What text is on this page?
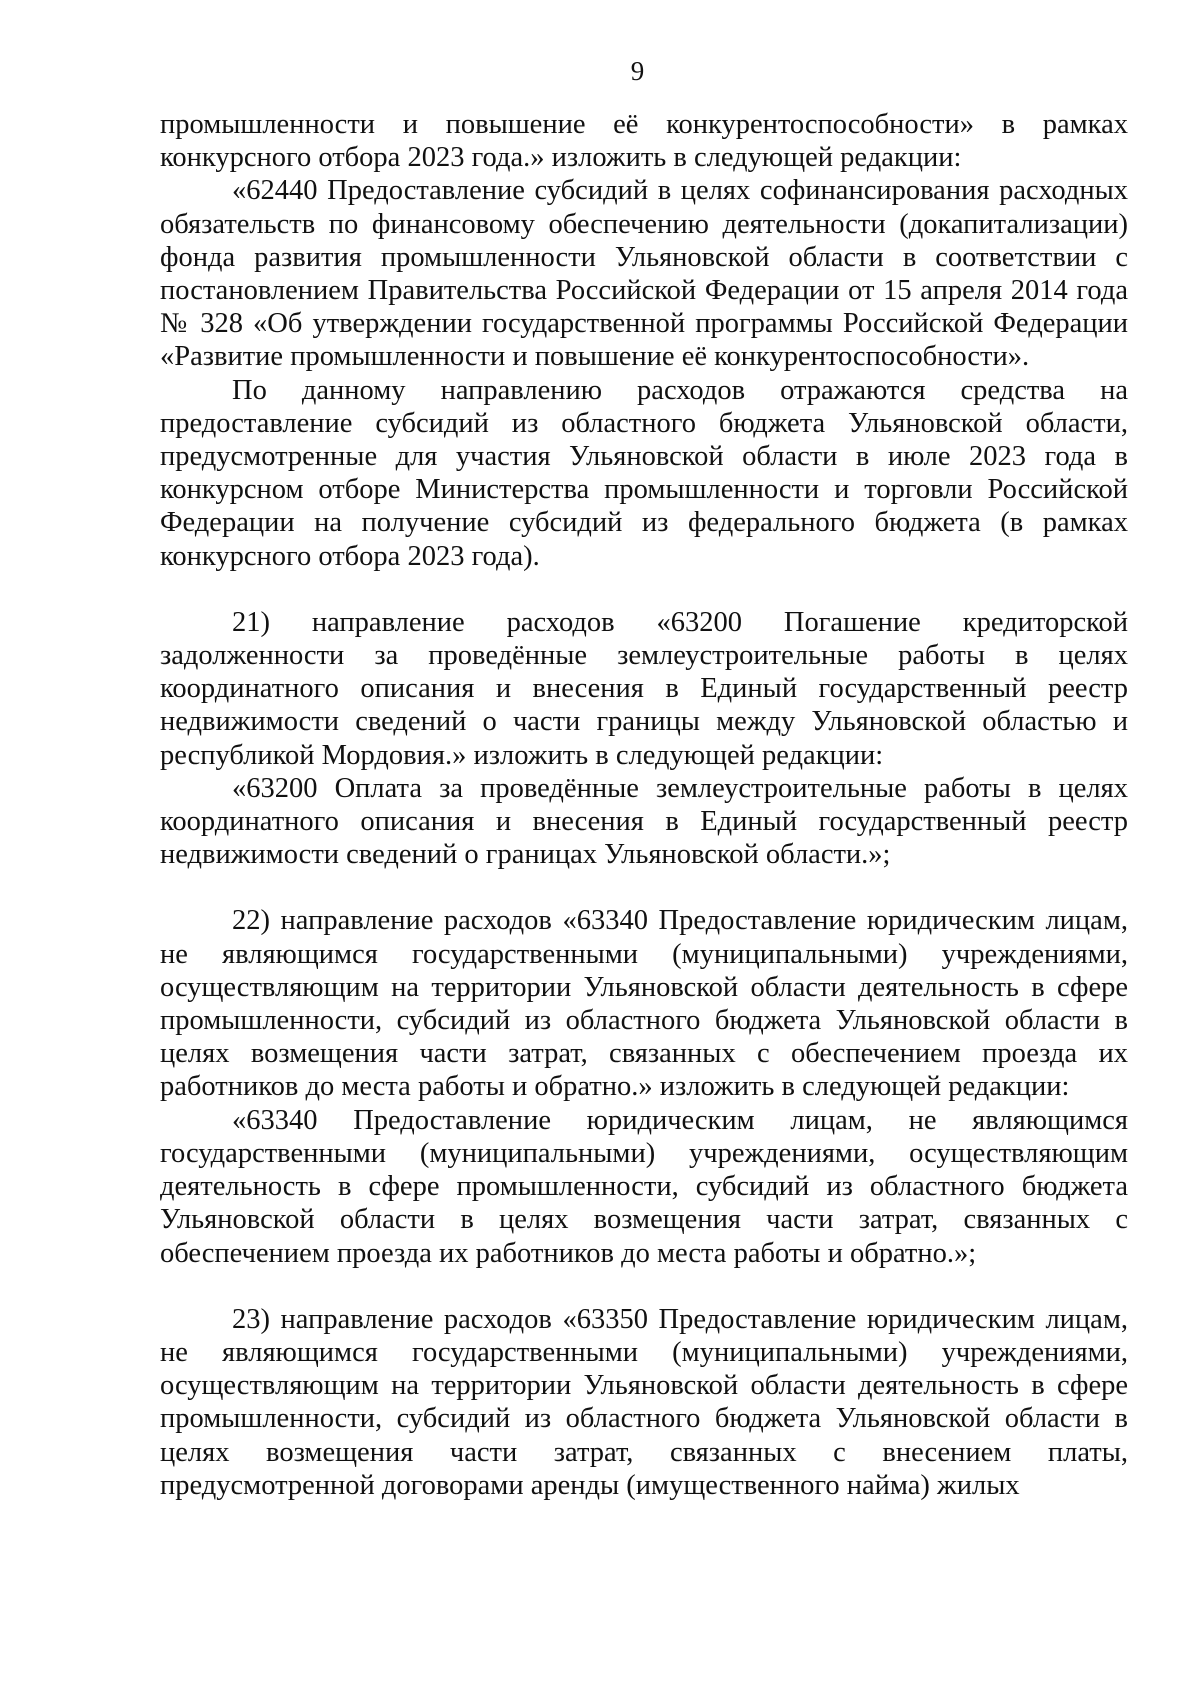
9

промышленности и повышение её конкурентоспособности» в рамках конкурсного отбора 2023 года.» изложить в следующей редакции:

«62440 Предоставление субсидий в целях софинансирования расходных обязательств по финансовому обеспечению деятельности (докапитализации) фонда развития промышленности Ульяновской области в соответствии с постановлением Правительства Российской Федерации от 15 апреля 2014 года № 328 «Об утверждении государственной программы Российской Федерации «Развитие промышленности и повышение её конкурентоспособности».

По данному направлению расходов отражаются средства на предоставление субсидий из областного бюджета Ульяновской области, предусмотренные для участия Ульяновской области в июле 2023 года в конкурсном отборе Министерства промышленности и торговли Российской Федерации на получение субсидий из федерального бюджета (в рамках конкурсного отбора 2023 года).

21) направление расходов «63200 Погашение кредиторской задолженности за проведённые землеустроительные работы в целях координатного описания и внесения в Единый государственный реестр недвижимости сведений о части границы между Ульяновской областью и республикой Мордовия.» изложить в следующей редакции:

«63200 Оплата за проведённые землеустроительные работы в целях координатного описания и внесения в Единый государственный реестр недвижимости сведений о границах Ульяновской области.»;

22) направление расходов «63340 Предоставление юридическим лицам, не являющимся государственными (муниципальными) учреждениями, осуществляющим на территории Ульяновской области деятельность в сфере промышленности, субсидий из областного бюджета Ульяновской области в целях возмещения части затрат, связанных с обеспечением проезда их работников до места работы и обратно.» изложить в следующей редакции:

«63340 Предоставление юридическим лицам, не являющимся государственными (муниципальными) учреждениями, осуществляющим деятельность в сфере промышленности, субсидий из областного бюджета Ульяновской области в целях возмещения части затрат, связанных с обеспечением проезда их работников до места работы и обратно.»;

23) направление расходов «63350 Предоставление юридическим лицам, не являющимся государственными (муниципальными) учреждениями, осуществляющим на территории Ульяновской области деятельность в сфере промышленности, субсидий из областного бюджета Ульяновской области в целях возмещения части затрат, связанных с внесением платы, предусмотренной договорами аренды (имущественного найма) жилых
